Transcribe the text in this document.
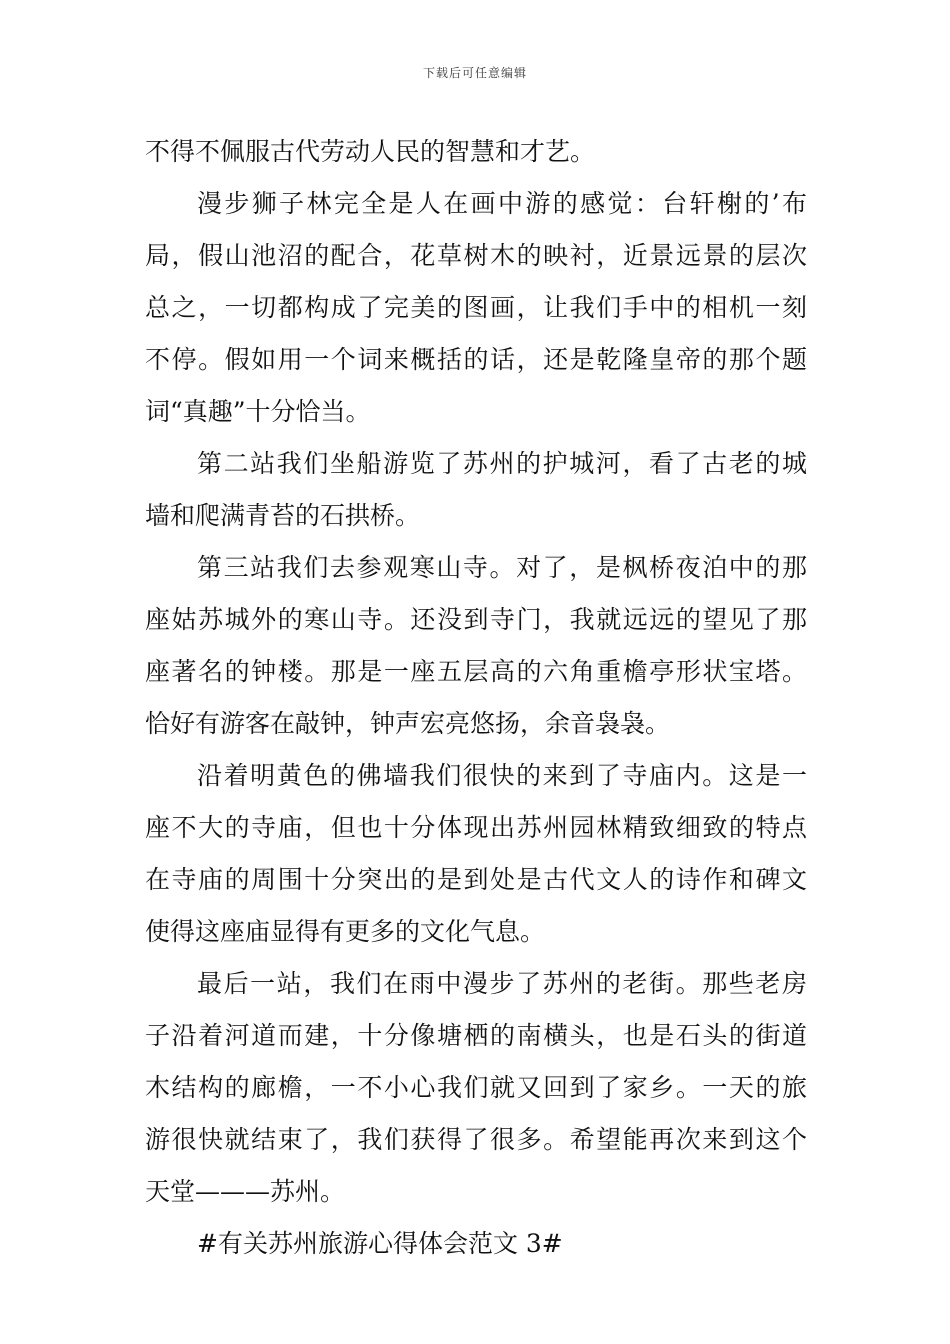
下载后可任意编辑
不得不佩服古代劳动人民的智慧和才艺。
漫步狮子林完全是人在画中游的感觉：台轩榭的’布
局，假山池沼的配合，花草树木的映衬，近景远景的层次
总之，一切都构成了完美的图画，让我们手中的相机一刻
不停。假如用一个词来概括的话，还是乾隆皇帝的那个题
词“真趣”十分恰当。
第二站我们坐船游览了苏州的护城河，看了古老的城
墙和爬满青苔的石拱桥。
第三站我们去参观寒山寺。对了，是枫桥夜泊中的那
座姑苏城外的寒山寺。还没到寺门，我就远远的望见了那
座著名的钟楼。那是一座五层高的六角重檐亭形状宝塔。
恰好有游客在敲钟，钟声宏亮悠扬，余音袅袅。
沿着明黄色的佛墙我们很快的来到了寺庙内。这是一
座不大的寺庙，但也十分体现出苏州园林精致细致的特点
在寺庙的周围十分突出的是到处是古代文人的诗作和碑文
使得这座庙显得有更多的文化气息。
最后一站，我们在雨中漫步了苏州的老街。那些老房
子沿着河道而建，十分像塘栖的南横头，也是石头的街道
木结构的廊檐，一不小心我们就又回到了家乡。一天的旅
游很快就结束了，我们获得了很多。希望能再次来到这个
天堂———苏州。
#有关苏州旅游心得体会范文 3#
